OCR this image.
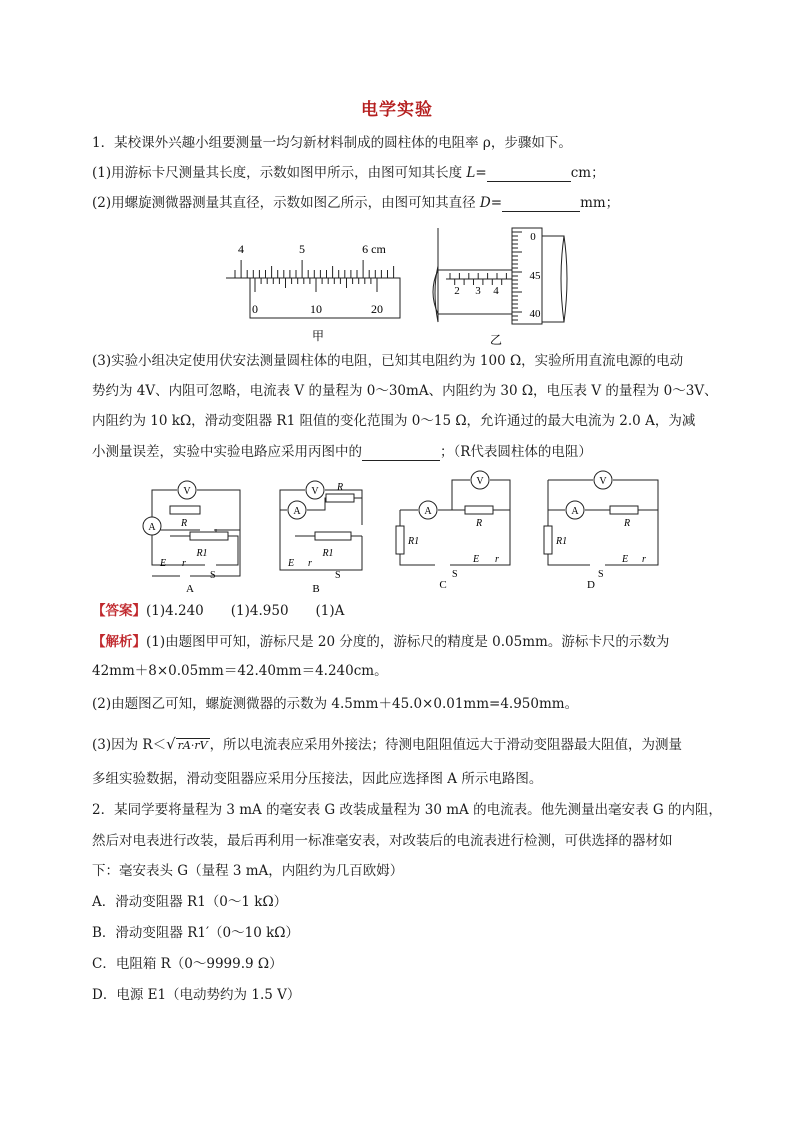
电学实验
1．某校课外兴趣小组要测量一均匀新材料制成的圆柱体的电阻率 ρ，步骤如下。
(1)用游标卡尺测量其长度，示数如图甲所示，由图可知其长度 L=	cm；
(2)用螺旋测微器测量其直径，示数如图乙所示，由图可知其直径 D=	mm；
4	5	6 cm
0	10	20
甲
2 3 4
0
45
40
乙
(3)实验小组决定使用伏安法测量圆柱体的电阻，已知其电阻约为 100 Ω，实验所用直流电源的电动
势约为 4V、内阻可忽略，电流表 V 的量程为 0～30mA、内阻约为 30 Ω，电压表 V 的量程为 0～3V、
内阻约为 10 kΩ，滑动变阻器 R1 阻值的变化范围为 0～15 Ω，允许通过的最大电流为 2.0 A，为减
小测量误差，实验中实验电路应采用丙图中的	；（R代表圆柱体的电阻）
V
A	R
R1
E r
S
A
V
A
R
R1
E r
S
B
V
A
R
R1
E r
S
C
V
A
R
R1
E r
S
D
【答案】(1)4.240　　(1)4.950　　(1)A
【解析】(1)由题图甲可知，游标尺是 20 分度的，游标尺的精度是 0.05mm。游标卡尺的示数为
42mm＋8×0.05mm＝42.40mm＝4.240cm。
(2)由题图乙可知，螺旋测微器的示数为 4.5mm＋45.0×0.01mm=4.950mm。
(3)因为 R＜√ rA·rV ，所以电流表应采用外接法；待测电阻阻值远大于滑动变阻器最大阻值，为测量
多组实验数据，滑动变阻器应采用分压接法，因此应选择图 A 所示电路图。
2．某同学要将量程为 3 mA 的毫安表 G 改装成量程为 30 mA 的电流表。他先测量出毫安表 G 的内阻，
然后对电表进行改装，最后再利用一标准毫安表，对改装后的电流表进行检测，可供选择的器材如
下：毫安表头 G（量程 3 mA，内阻约为几百欧姆）
A．滑动变阻器 R1（0～1 kΩ）
B．滑动变阻器 R1′（0～10 kΩ）
C．电阻箱 R（0～9999.9 Ω）
D．电源 E1（电动势约为 1.5 V）
